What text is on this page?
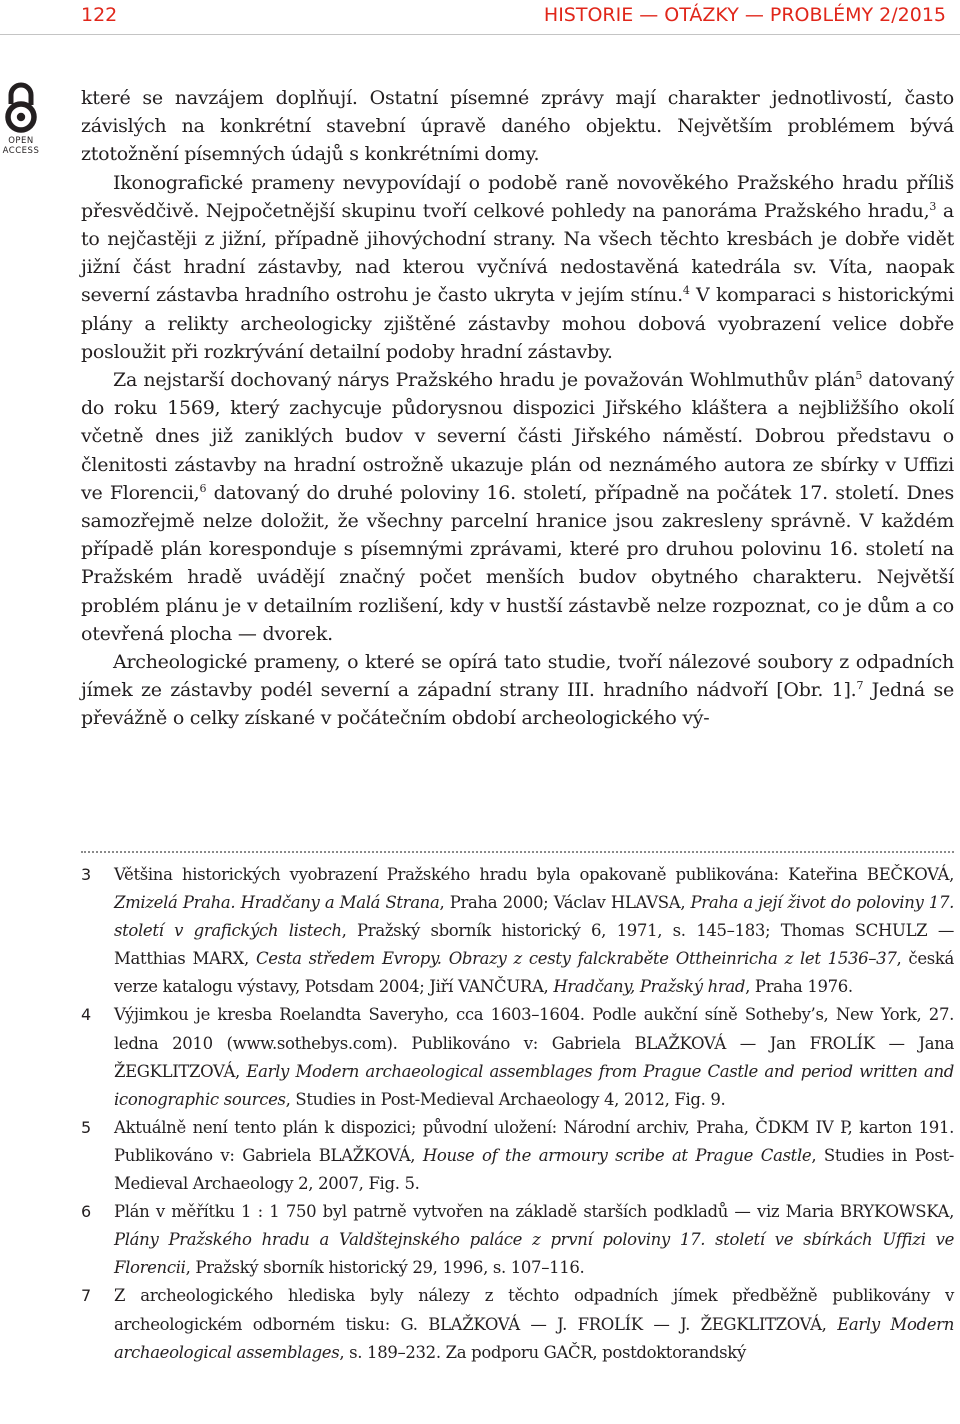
122	HISTORIE — OTÁZKY — PROBLÉMY 2/2015
OPEN
ACCESS

které se navzájem doplňují. Ostatní písemné zprávy mají charakter jednotlivostí, často závislých na konkrétní stavební úpravě daného objektu. Největším problémem bývá ztotožnění písemných údajů s konkrétními domy.
Ikonografické prameny nevypovídají o podobě raně novověkého Pražského hradu příliš přesvědčivě. Nejpočetnější skupinu tvoří celkové pohledy na panoráma Pražského hradu,$^3$ a to nejčastěji z jižní, případně jihovýchodní strany. Na všech těchto kresbách je dobře vidět jižní část hradní zástavby, nad kterou vyčnívá nedostavěná katedrála sv. Víta, naopak severní zástavba hradního ostrohu je často ukryta v jejím stínu.$^4$ V komparaci s historickými plány a relikty archeologicky zjištěné zástavby mohou dobová vyobrazení velice dobře posloužit při rozkrývání detailní podoby hradní zástavby.

Za nejstarší dochovaný nárys Pražského hradu je považován Wohlmuthův plán$^5$ datovaný do roku 1569, který zachycuje půdorysnou dispozici Jiřského kláštera a nejbližšího okolí včetně dnes již zaniklých budov v severní části Jiřského náměstí. Dobrou představu o členitosti zástavby na hradní ostrožně ukazuje plán od neznámého autora ze sbírky v Uffizi ve Florencii,$^6$ datovaný do druhé poloviny 16. století, případně na počátek 17. století. Dnes samozřejmě nelze doložit, že všechny parcelní hranice jsou zakresleny správně. V každém případě plán koresponduje s písemnými zprávami, které pro druhou polovinu 16. století na Pražském hradě uvádějí značný počet menších budov obytného charakteru. Největší problém plánu je v detailním rozlišení, kdy v hustší zástavbě nelze rozpoznat, co je dům a co otevřená plocha — dvorek.

Archeologické prameny, o které se opírá tato studie, tvoří nálezové soubory z odpadních jímek ze zástavby podél severní a západní strany III. hradního nádvoří [Obr. 1].$^7$ Jedná se převážně o celky získané v počátečním období archeologického vý-

3	Většina historických vyobrazení Pražského hradu byla opakovaně publikována: Kateřina BEČKOVÁ, Zmizelá Praha. Hradčany a Malá Strana, Praha 2000; Václav HLAVSA, Praha a její život do poloviny 17. století v grafických listech, Pražský sborník historický 6, 1971, s. 145–183; Thomas SCHULZ — Matthias MARX, Cesta středem Evropy. Obrazy z cesty falckraběte Ottheinricha z let 1536–37, česká verze katalogu výstavy, Potsdam 2004; Jiří VANČURA, Hradčany, Pražský hrad, Praha 1976.
4	Výjimkou je kresba Roelandta Saveryho, cca 1603–1604. Podle aukční síně Sotheby’s, New York, 27. ledna 2010 (www.sothebys.com). Publikováno v: Gabriela BLAŽKOVÁ — Jan FROLÍK — Jana ŽEGKLITZOVÁ, Early Modern archaeological assemblages from Prague Castle and period written and iconographic sources, Studies in Post-Medieval Archaeology 4, 2012, Fig. 9.
5	Aktuálně není tento plán k dispozici; původní uložení: Národní archiv, Praha, ČDKM IV P, karton 191. Publikováno v: Gabriela BLAŽKOVÁ, House of the armoury scribe at Prague Castle, Studies in Post-Medieval Archaeology 2, 2007, Fig. 5.
6	Plán v měřítku 1 : 1 750 byl patrně vytvořen na základě starších podkladů — viz Maria BRYKOWSKA, Plány Pražského hradu a Valdštejnského paláce z první poloviny 17. století ve sbírkách Uffizi ve Florencii, Pražský sborník historický 29, 1996, s. 107–116.
7	Z archeologického hlediska byly nálezy z těchto odpadních jímek předběžně publikovány v archeologickém odborném tisku: G. BLAŽKOVÁ — J. FROLÍK — J. ŽEGKLITZOVÁ, Early Modern archaeological assemblages, s. 189–232. Za podporu GAČR, postdoktorandský
